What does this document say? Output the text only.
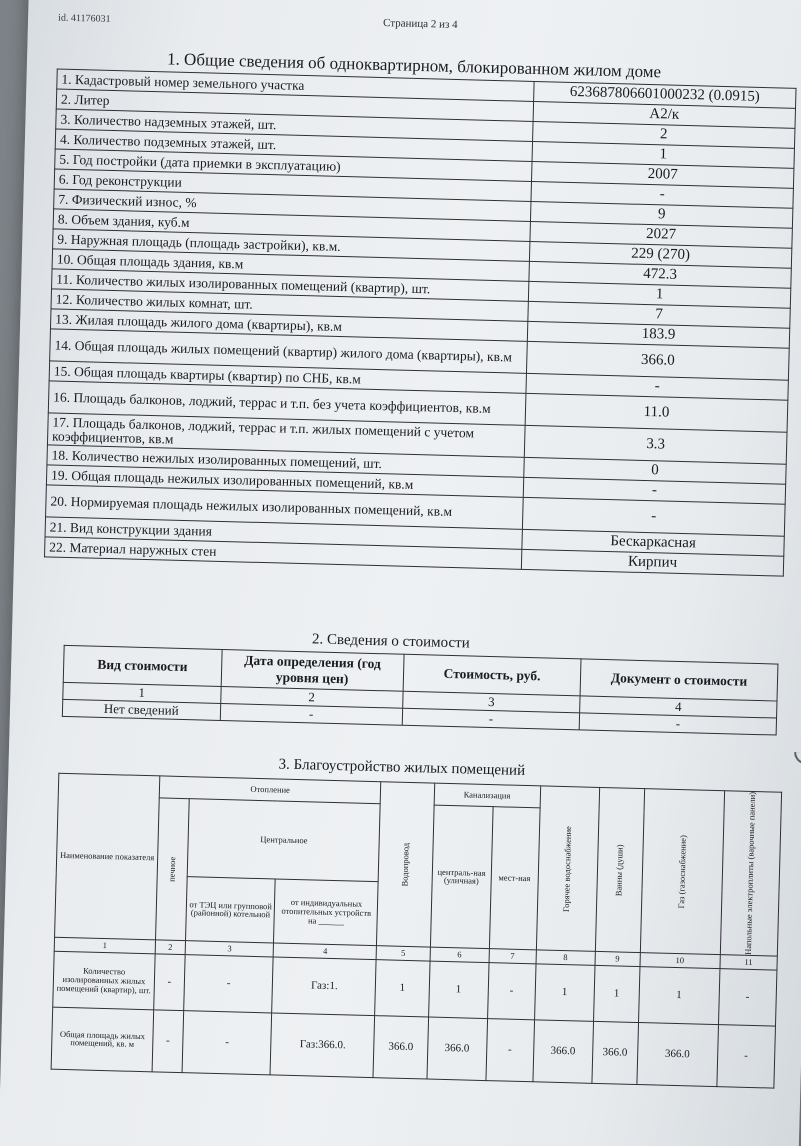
id. 41176031	Страница 2 из 4
1. Общие сведения об одноквартирном, блокированном жилом доме
1. Кадастровый номер земельного участка	623687806601000232 (0.0915)
2. Литер	А2/к
3. Количество надземных этажей, шт.	2
4. Количество подземных этажей, шт.	1
5. Год постройки (дата приемки в эксплуатацию)	2007
6. Год реконструкции	-
7. Физический износ, %	9
8. Объем здания, куб.м	2027
9. Наружная площадь (площадь застройки), кв.м.	229 (270)
10. Общая площадь здания, кв.м	472.3
11. Количество жилых изолированных помещений (квартир), шт.	1
12. Количество жилых комнат, шт.	7
13. Жилая площадь жилого дома (квартиры), кв.м	183.9
14. Общая площадь жилых помещений (квартир) жилого дома (квартиры), кв.м	366.0
15. Общая площадь квартиры (квартир) по СНБ, кв.м	-
16. Площадь балконов, лоджий, террас и т.п. без учета коэффициентов, кв.м	11.0
17. Площадь балконов, лоджий, террас и т.п. жилых помещений с учетом коэффициентов, кв.м	3.3
18. Количество нежилых изолированных помещений, шт.	0
19. Общая площадь нежилых изолированных помещений, кв.м	-
20. Нормируемая площадь нежилых изолированных помещений, кв.м	-
21. Вид конструкции здания	Бескаркасная
22. Материал наружных стен	Кирпич
2. Сведения о стоимости
Вид стоимости	Дата определения (год уровня цен)	Стоимость, руб.	Документ о стоимости
1	2	3	4
Нет сведений	-	-	-
3. Благоустройство жилых помещений
Наименование показателя	Отопление			Водопровод	Канализация		Горячее водоснабжение	Ванны (души)	Газ (газоснабжение)	Напольные электроплиты (варочные панели)

	печное	Центральное			централь-ная (уличная)	мест-ная				
		от ТЭЦ или групповой (районной) котельной	от индивидуальных отопительных устройств на ______							
1	2	3	4	5	6	7	8	9	10	11
Количество изолированных жилых помещений (квартир), шт.	-	-	Газ:1.	1	1	-	1	1	1	-
Общая площадь жилых помещений, кв. м	-	-	Газ:366.0.	366.0	366.0	-	366.0	366.0	366.0	-
